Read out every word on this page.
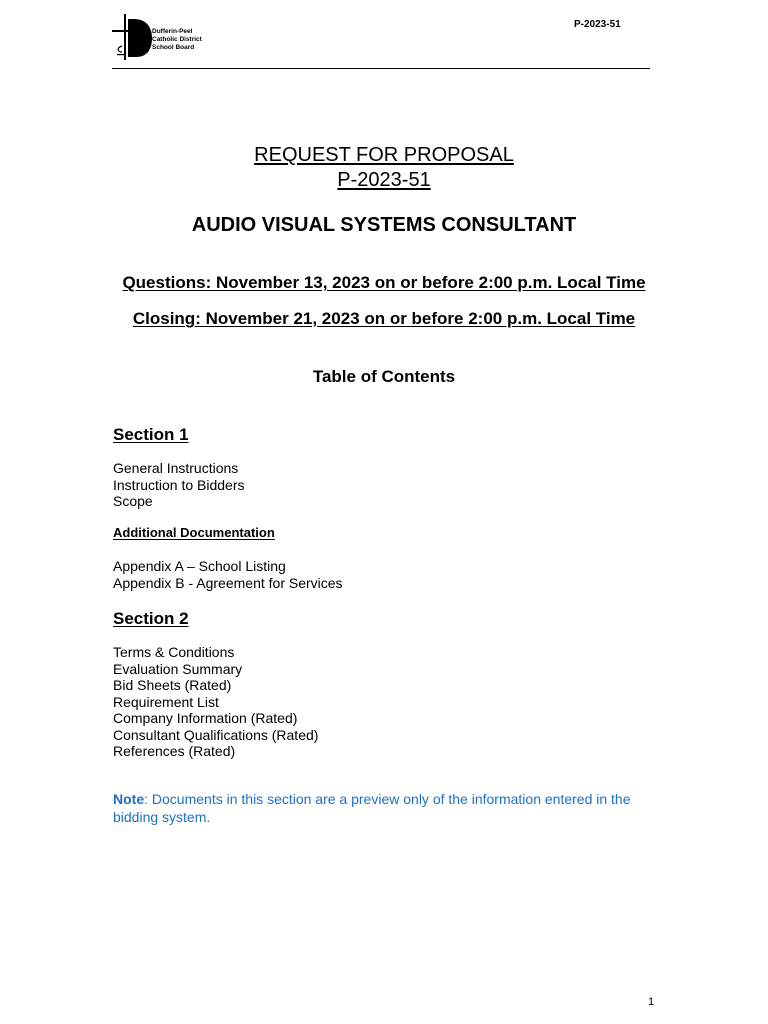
Dufferin-Peel
Catholic District
School Board
P-2023-51
REQUEST FOR PROPOSAL
P-2023-51
AUDIO VISUAL SYSTEMS CONSULTANT
Questions: November 13, 2023 on or before 2:00 p.m. Local Time
Closing: November 21, 2023 on or before 2:00 p.m. Local Time
Table of Contents
Section 1
General Instructions
Instruction to Bidders
Scope
Additional Documentation
Appendix A – School Listing
Appendix B - Agreement for Services
Section 2
Terms & Conditions
Evaluation Summary
Bid Sheets (Rated)
Requirement List
Company Information (Rated)
Consultant Qualifications (Rated)
References (Rated)
Note: Documents in this section are a preview only of the information entered in the bidding system.
1
